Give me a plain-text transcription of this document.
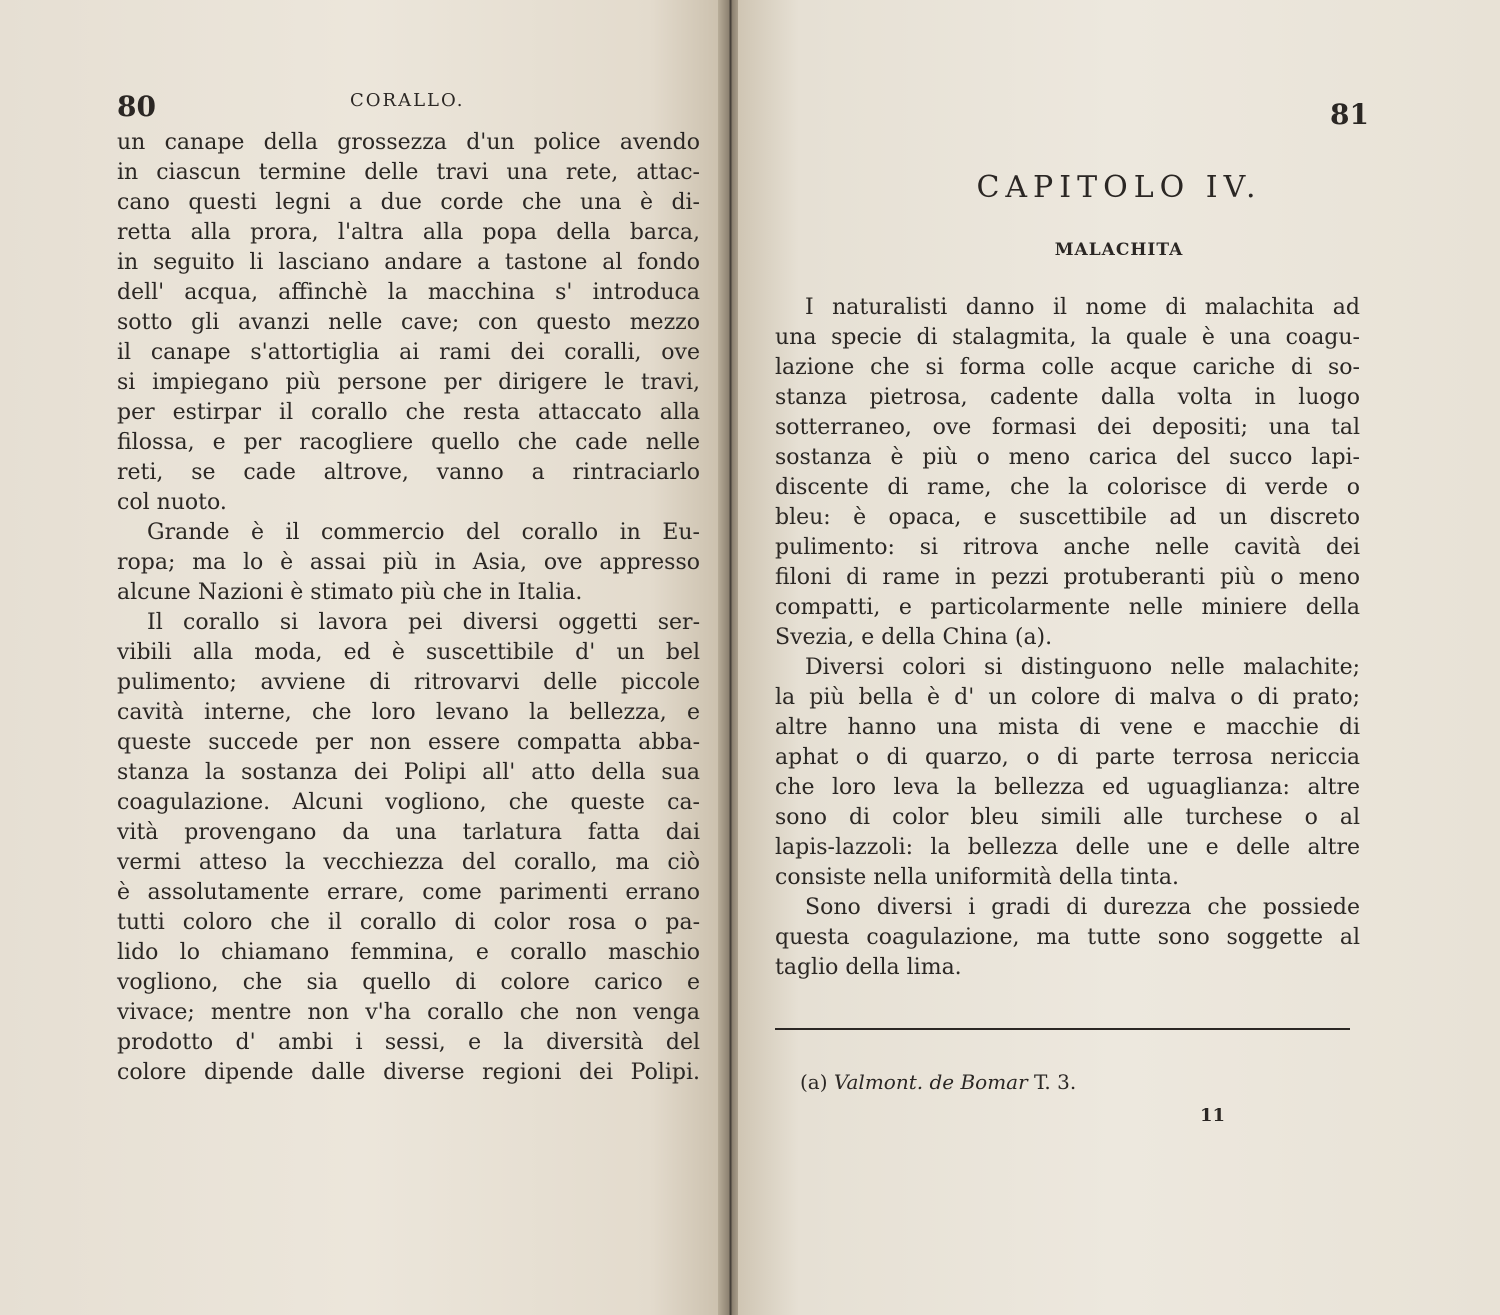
80	CORALLO.
un canape della grossezza d'un police avendo
in ciascun termine delle travi una rete, attac-
cano questi legni a due corde che una è di-
retta alla prora, l'altra alla popa della barca,
in seguito li lasciano andare a tastone al fondo
dell' acqua, affinchè la macchina s' introduca
sotto gli avanzi nelle cave; con questo mezzo
il canape s'attortiglia ai rami dei coralli, ove
si impiegano più persone per dirigere le travi,
per estirpar il corallo che resta attaccato alla
filossa, e per racogliere quello che cade nelle
reti, se cade altrove, vanno a rintraciarlo
col nuoto.
Grande è il commercio del corallo in Eu-
ropa; ma lo è assai più in Asia, ove appresso
alcune Nazioni è stimato più che in Italia.
Il corallo si lavora pei diversi oggetti ser-
vibili alla moda, ed è suscettibile d' un bel
pulimento; avviene di ritrovarvi delle piccole
cavità interne, che loro levano la bellezza, e
queste succede per non essere compatta abba-
stanza la sostanza dei Polipi all' atto della sua
coagulazione. Alcuni vogliono, che queste ca-
vità provengano da una tarlatura fatta dai
vermi atteso la vecchiezza del corallo, ma ciò
è assolutamente errare, come parimenti errano
tutti coloro che il corallo di color rosa o pa-
lido lo chiamano femmina, e corallo maschio
vogliono, che sia quello di colore carico e
vivace; mentre non v'ha corallo che non venga
prodotto d' ambi i sessi, e la diversità del
colore dipende dalle diverse regioni dei Polipi.
81
CAPITOLO IV.
MALACHITA
I naturalisti danno il nome di malachita ad
una specie di stalagmita, la quale è una coagu-
lazione che si forma colle acque cariche di so-
stanza pietrosa, cadente dalla volta in luogo
sotterraneo, ove formasi dei depositi; una tal
sostanza è più o meno carica del succo lapi-
discente di rame, che la colorisce di verde o
bleu: è opaca, e suscettibile ad un discreto
pulimento: si ritrova anche nelle cavità dei
filoni di rame in pezzi protuberanti più o meno
compatti, e particolarmente nelle miniere della
Svezia, e della China (a).
Diversi colori si distinguono nelle malachite;
la più bella è d' un colore di malva o di prato;
altre hanno una mista di vene e macchie di
aphat o di quarzo, o di parte terrosa nericcia
che loro leva la bellezza ed uguaglianza: altre
sono di color bleu simili alle turchese o al
lapis-lazzoli: la bellezza delle une e delle altre
consiste nella uniformità della tinta.
Sono diversi i gradi di durezza che possiede
questa coagulazione, ma tutte sono soggette al
taglio della lima.
(a) Valmont. de Bomar T. 3.
11
